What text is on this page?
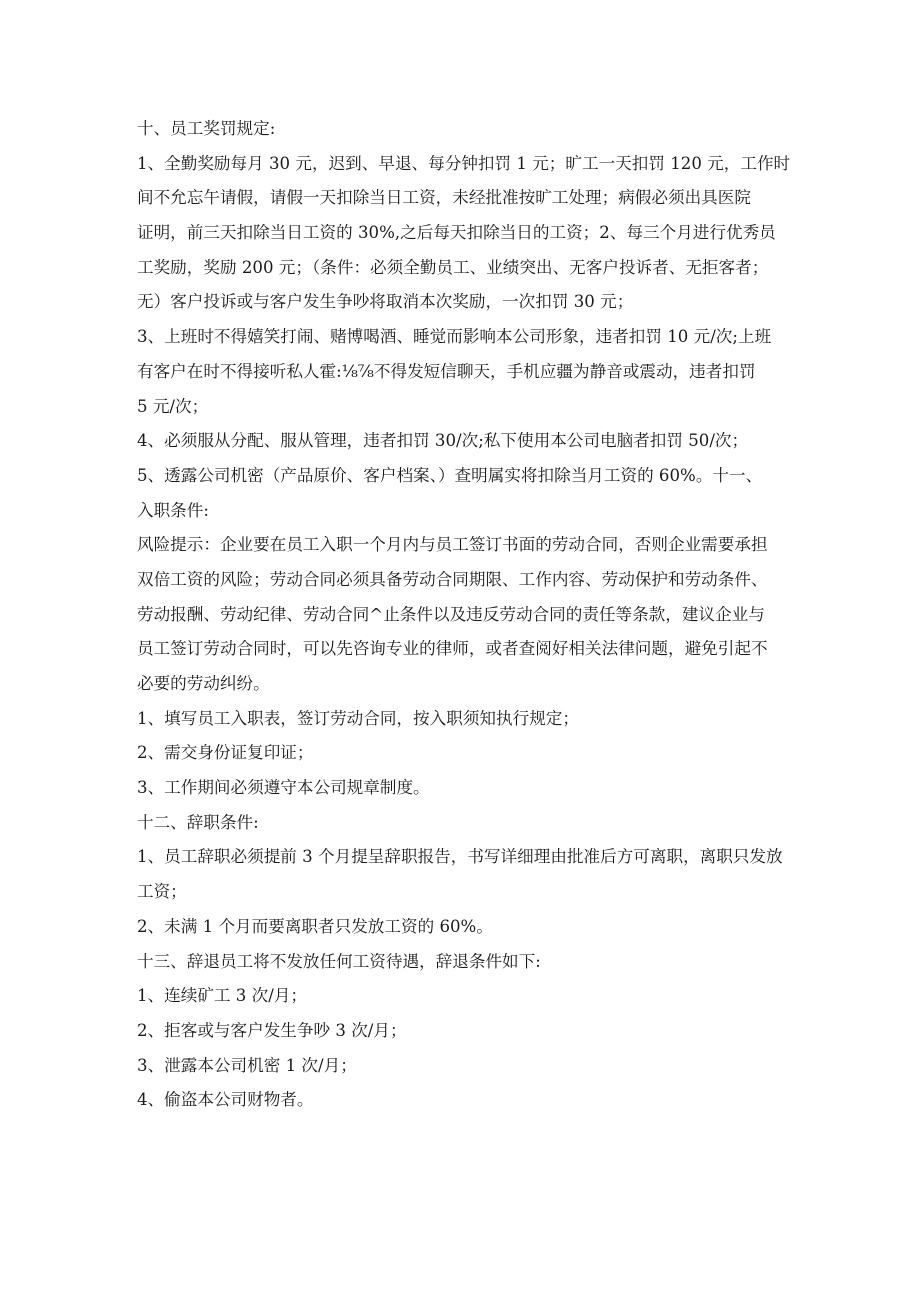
十、员工奖罚规定:

1、全勤奖励每月 30 元，迟到、早退、每分钟扣罚 1 元；旷工一天扣罚 120 元，工作时

间不允忘午请假，请假一天扣除当日工资，未经批准按旷工处理；病假必须出具医院

证明，前三天扣除当日工资的 30%,之后每天扣除当日的工资；2、每三个月进行优秀员

工奖励，奖励 200 元；（条件：必须全勤员工、业绩突出、无客户投诉者、无拒客者；

无）客户投诉或与客户发生争吵将取消本次奖励，一次扣罚 30 元；

3、上班时不得嬉笑打闹、赌博喝酒、睡觉而影响本公司形象，违者扣罚 10 元/次;上班

有客户在时不得接听私人霍:⅛⅞不得发短信聊天，手机应疆为静音或震动，违者扣罚

5 元/次；

4、必须服从分配、服从管理，违者扣罚 30/次;私下使用本公司电脑者扣罚 50/次；

5、透露公司机密（产品原价、客户档案、）查明属实将扣除当月工资的 60%。十一、

入职条件:

风险提示：企业要在员工入职一个月内与员工签订书面的劳动合同，否则企业需要承担

双倍工资的风险；劳动合同必须具备劳动合同期限、工作内容、劳动保护和劳动条件、

劳动报酬、劳动纪律、劳动合同^止条件以及违反劳动合同的责任等条款，建议企业与

员工签订劳动合同时，可以先咨询专业的律师，或者查阅好相关法律问题，避免引起不

必要的劳动纠纷。

1、填写员工入职表，签订劳动合同，按入职须知执行规定；

2、需交身份证复印证；

3、工作期间必须遵守本公司规章制度。

十二、辞职条件:

1、员工辞职必须提前 3 个月提呈辞职报告，书写详细理由批准后方可离职，离职只发放

工资；

2、未满 1 个月而要离职者只发放工资的 60%。

十三、辞退员工将不发放任何工资待遇，辞退条件如下:

1、连续矿工 3 次/月；

2、拒客或与客户发生争吵 3 次/月；

3、泄露本公司机密 1 次/月；

4、偷盗本公司财物者。
